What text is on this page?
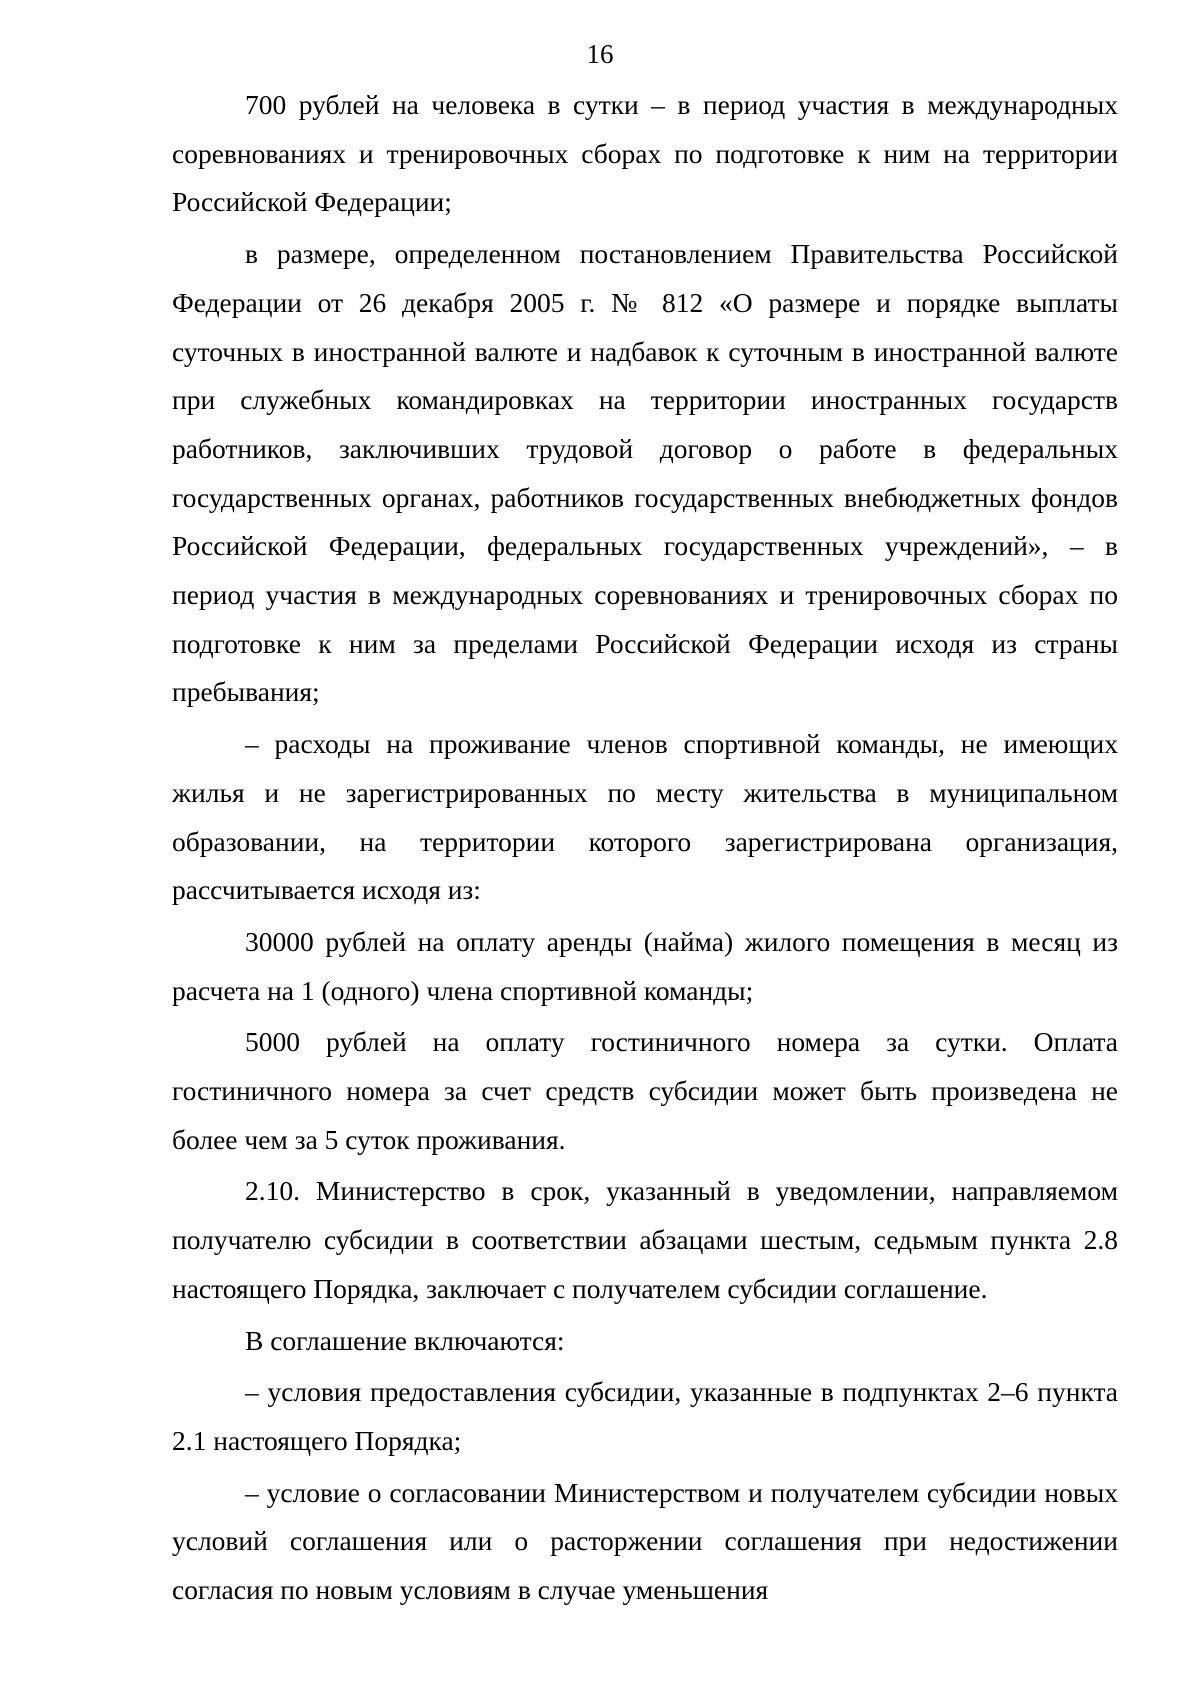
16

700 рублей на человека в сутки – в период участия в международных соревнованиях и тренировочных сборах по подготовке к ним на территории Российской Федерации;

в размере, определенном постановлением Правительства Российской Федерации от 26 декабря 2005 г. № 812 «О размере и порядке выплаты суточных в иностранной валюте и надбавок к суточным в иностранной валюте при служебных командировках на территории иностранных государств работников, заключивших трудовой договор о работе в федеральных государственных органах, работников государственных внебюджетных фондов Российской Федерации, федеральных государственных учреждений», – в период участия в международных соревнованиях и тренировочных сборах по подготовке к ним за пределами Российской Федерации исходя из страны пребывания;

– расходы на проживание членов спортивной команды, не имеющих жилья и не зарегистрированных по месту жительства в муниципальном образовании, на территории которого зарегистрирована организация, рассчитывается исходя из:

30000 рублей на оплату аренды (найма) жилого помещения в месяц из расчета на 1 (одного) члена спортивной команды;

5000 рублей на оплату гостиничного номера за сутки. Оплата гостиничного номера за счет средств субсидии может быть произведена не более чем за 5 суток проживания.

2.10. Министерство в срок, указанный в уведомлении, направляемом получателю субсидии в соответствии абзацами шестым, седьмым пункта 2.8 настоящего Порядка, заключает с получателем субсидии соглашение.

В соглашение включаются:

– условия предоставления субсидии, указанные в подпунктах 2–6 пункта 2.1 настоящего Порядка;

– условие о согласовании Министерством и получателем субсидии новых условий соглашения или о расторжении соглашения при недостижении согласия по новым условиям в случае уменьшения
